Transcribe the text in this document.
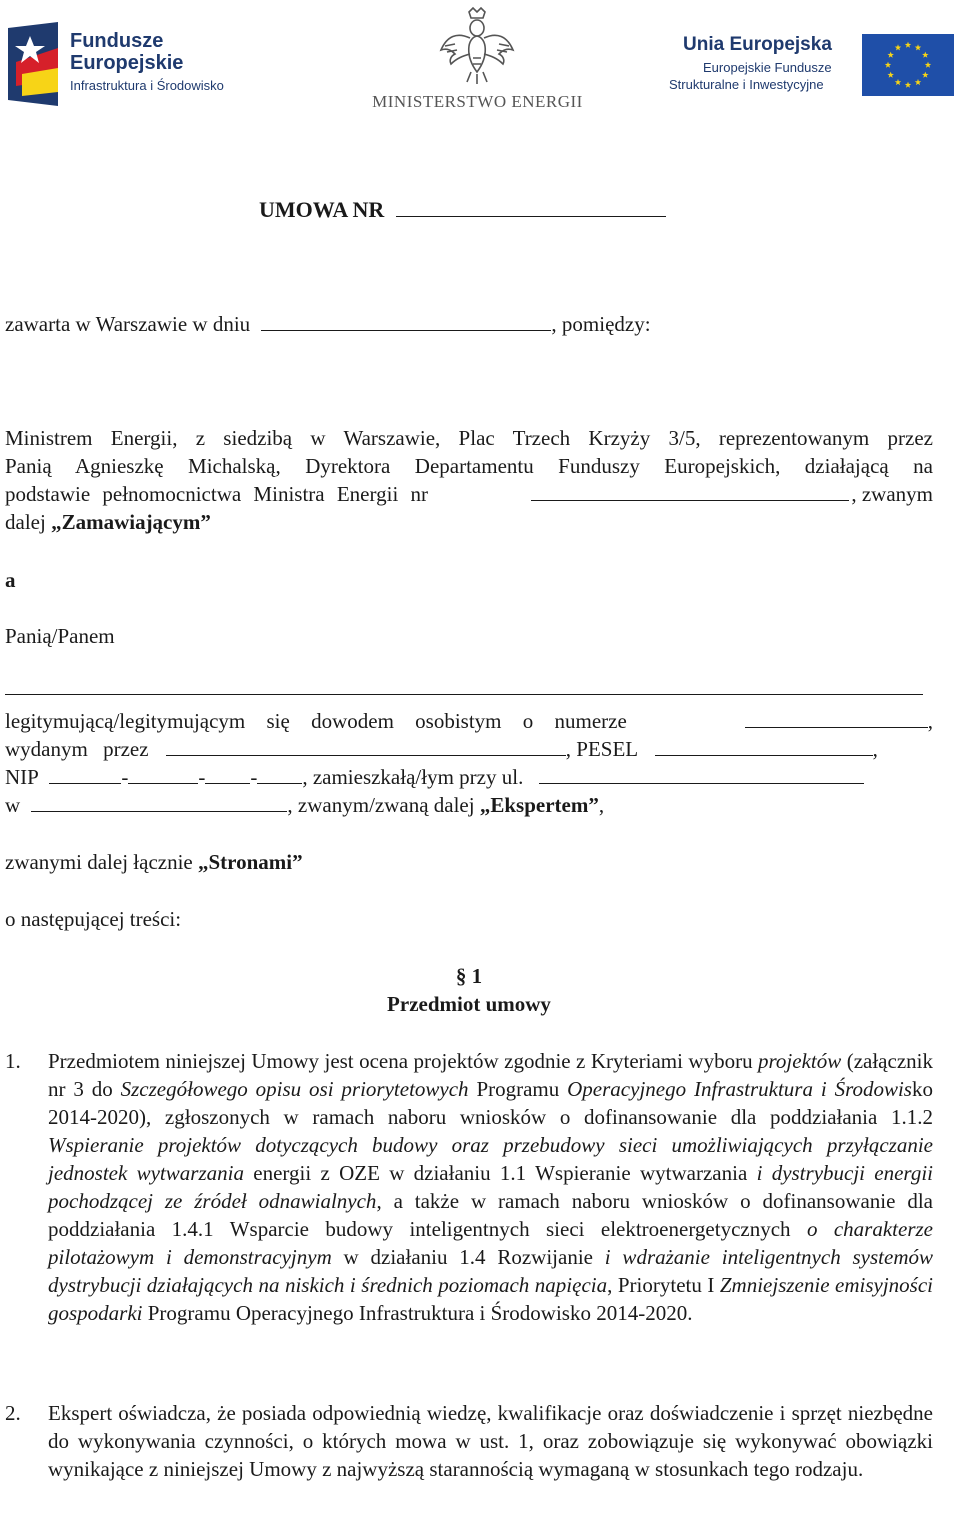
Fundusze
Europejskie
Infrastruktura i Środowisko
MINISTERSTWO ENERGII
Unia Europejska
Europejskie Fundusze
Strukturalne i Inwestycyjne
UMOWA NR
zawarta w Warszawie w dniu	, pomiędzy:
Ministrem Energii, z siedzibą w Warszawie, Plac Trzech Krzyży 3/5, reprezentowanym przez
Panią Agnieszkę Michalską, Dyrektora Departamentu Funduszy Europejskich, działającą na
podstawie pełnomocnictwa Ministra Energii nr	, zwanym
dalej „Zamawiającym”
a
Panią/Panem
legitymującą/legitymującym się dowodem osobistym o numerze	,
wydanym przez	, PESEL	,
NIP	-	- - , zamieszkałą/łym przy ul.
w	, zwanym/zwaną dalej „Ekspertem”,
zwanymi dalej łącznie „Stronami”
o następującej treści:
§ 1
Przedmiot umowy
1. Przedmiotem niniejszej Umowy jest ocena projektów zgodnie z Kryteriami wyboru projektów (załącznik nr 3 do Szczegółowego opisu osi priorytetowych Programu Operacyjnego Infrastruktura i Środowisko 2014-2020), zgłoszonych w ramach naboru wniosków o dofinansowanie dla poddziałania 1.1.2 Wspieranie projektów dotyczących budowy oraz przebudowy sieci umożliwiających przyłączanie jednostek wytwarzania energii z OZE w działaniu 1.1 Wspieranie wytwarzania i dystrybucji energii pochodzącej ze źródeł odnawialnych, a także w ramach naboru wniosków o dofinansowanie dla poddziałania 1.4.1 Wsparcie budowy inteligentnych sieci elektroenergetycznych o charakterze pilotażowym i demonstracyjnym w działaniu 1.4 Rozwijanie i wdrażanie inteligentnych systemów dystrybucji działających na niskich i średnich poziomach napięcia, Priorytetu I Zmniejszenie emisyjności gospodarki Programu Operacyjnego Infrastruktura i Środowisko 2014-2020.
2. Ekspert oświadcza, że posiada odpowiednią wiedzę, kwalifikacje oraz doświadczenie i sprzęt niezbędne do wykonywania czynności, o których mowa w ust. 1, oraz zobowiązuje się wykonywać obowiązki wynikające z niniejszej Umowy z najwyższą starannością wymaganą w stosunkach tego rodzaju.
